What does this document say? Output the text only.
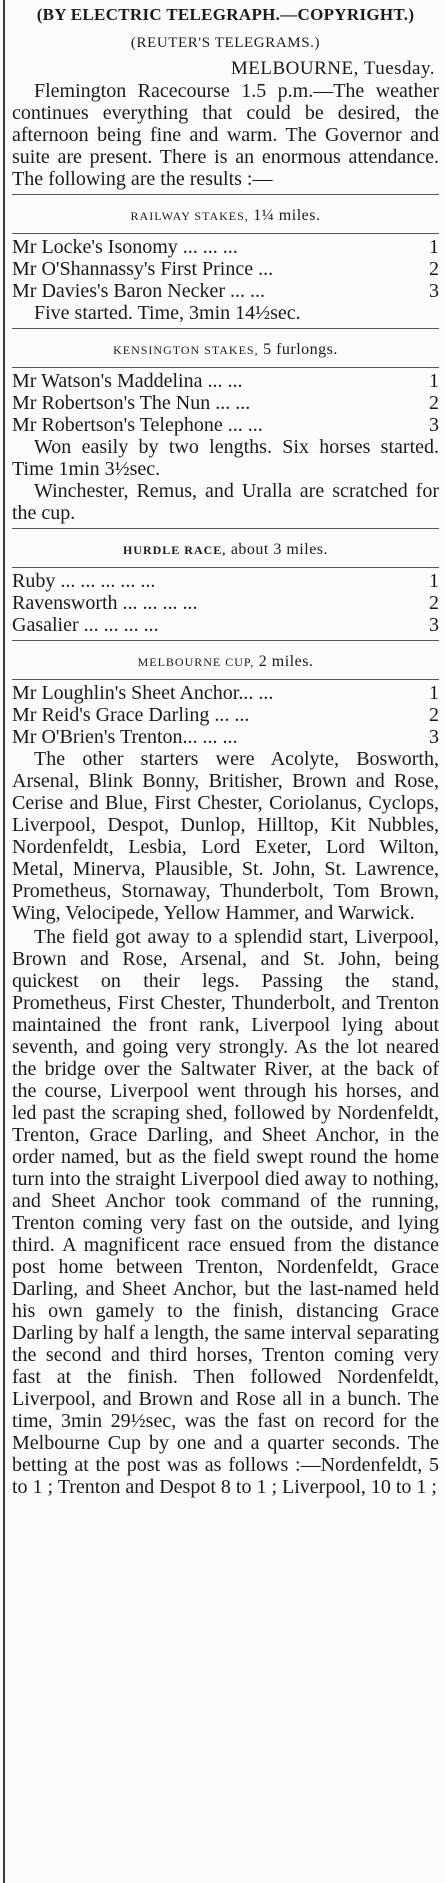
(BY ELECTRIC TELEGRAPH.—COPYRIGHT.)
(REUTER'S TELEGRAMS.)
MELBOURNE, Tuesday.

Flemington Racecourse 1.5 p.m.—The weather continues everything that could be desired, the afternoon being fine and warm. The Governor and suite are present. There is an enormous attendance. The following are the results :—

RAILWAY STAKES, 1¼ miles.
Mr Locke's Isonomy ... ... ...	1
Mr O'Shannassy's First Prince ...	2
Mr Davies's Baron Necker ... ...	3

Five started. Time, 3min 14½sec.

KENSINGTON STAKES, 5 furlongs.
Mr Watson's Maddelina ... ...	1
Mr Robertson's The Nun ... ...	2
Mr Robertson's Telephone ... ...	3

Won easily by two lengths. Six horses started. Time 1min 3½sec.

Winchester, Remus, and Uralla are scratched for the cup.

HURDLE RACE, about 3 miles.
Ruby ... ... ... ... ...	1
Ravensworth ... ... ... ...	2
Gasalier ... ... ... ...	3
MELBOURNE CUP, 2 miles.
Mr Loughlin's Sheet Anchor... ...	1
Mr Reid's Grace Darling ... ...	2
Mr O'Brien's Trenton... ... ...	3

The other starters were Acolyte, Bosworth, Arsenal, Blink Bonny, Britisher, Brown and Rose, Cerise and Blue, First Chester, Coriolanus, Cyclops, Liverpool, Despot, Dunlop, Hilltop, Kit Nubbles, Nordenfeldt, Lesbia, Lord Exeter, Lord Wilton, Metal, Minerva, Plausible, St. John, St. Lawrence, Prometheus, Stornaway, Thunderbolt, Tom Brown, Wing, Velocipede, Yellow Hammer, and Warwick.

The field got away to a splendid start, Liverpool, Brown and Rose, Arsenal, and St. John, being quickest on their legs. Passing the stand, Prometheus, First Chester, Thunderbolt, and Trenton maintained the front rank, Liverpool lying about seventh, and going very strongly. As the lot neared the bridge over the Saltwater River, at the back of the course, Liverpool went through his horses, and led past the scraping shed, followed by Nordenfeldt, Trenton, Grace Darling, and Sheet Anchor, in the order named, but as the field swept round the home turn into the straight Liverpool died away to nothing, and Sheet Anchor took command of the running, Trenton coming very fast on the outside, and lying third. A magnificent race ensued from the distance post home between Trenton, Nordenfeldt, Grace Darling, and Sheet Anchor, but the last-named held his own gamely to the finish, distancing Grace Darling by half a length, the same interval separating the second and third horses, Trenton coming very fast at the finish. Then followed Nordenfeldt, Liverpool, and Brown and Rose all in a bunch. The time, 3min 29½sec, was the fast on record for the Melbourne Cup by one and a quarter seconds. The betting at the post was as follows :—Nordenfeldt, 5 to 1 ; Trenton and Despot 8 to 1 ; Liverpool, 10 to 1 ;
